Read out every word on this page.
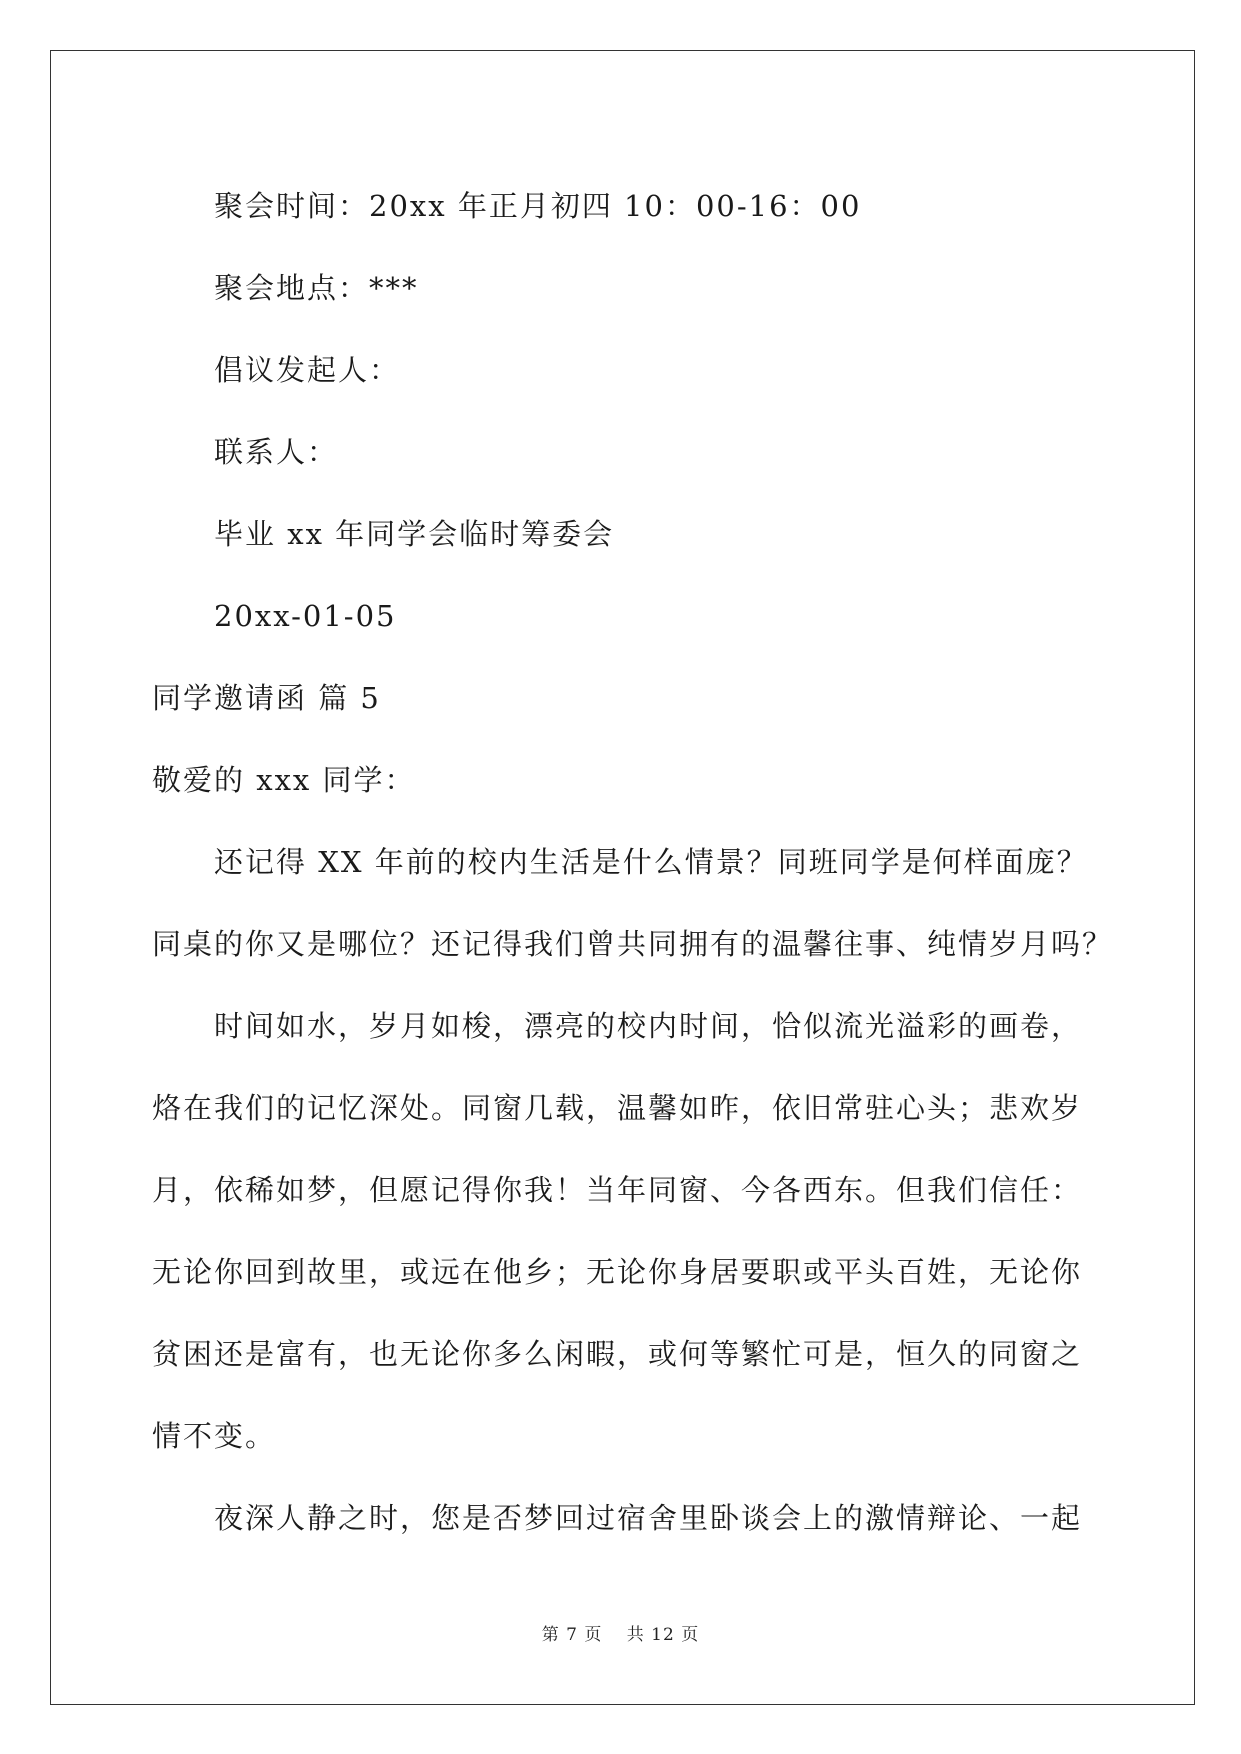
聚会时间：20xx 年正月初四 10：00-16：00
聚会地点：***
倡议发起人：
联系人：
毕业 xx 年同学会临时筹委会
20xx-01-05
同学邀请函 篇 5
敬爱的 xxx 同学：
还记得 XX 年前的校内生活是什么情景？同班同学是何样面庞？
同桌的你又是哪位？还记得我们曾共同拥有的温馨往事、纯情岁月吗？
时间如水，岁月如梭，漂亮的校内时间，恰似流光溢彩的画卷，
烙在我们的记忆深处。同窗几载，温馨如昨，依旧常驻心头；悲欢岁
月，依稀如梦，但愿记得你我！当年同窗、今各西东。但我们信任：
无论你回到故里，或远在他乡；无论你身居要职或平头百姓，无论你
贫困还是富有，也无论你多么闲暇，或何等繁忙可是，恒久的同窗之
情不变。
夜深人静之时，您是否梦回过宿舍里卧谈会上的激情辩论、一起
第 7 页 共 12 页
